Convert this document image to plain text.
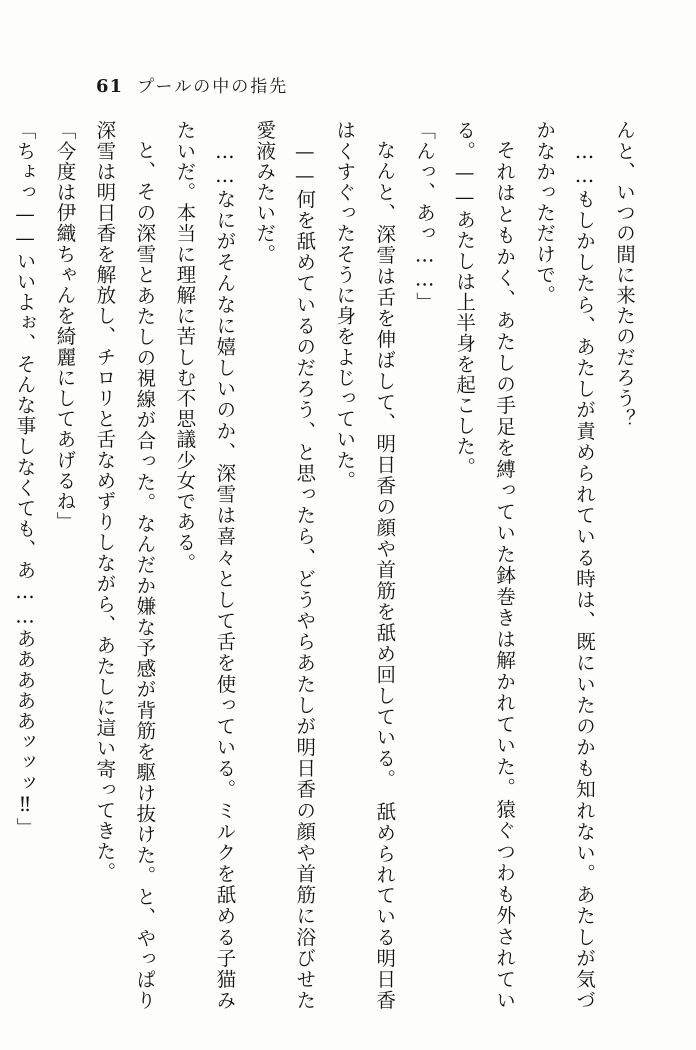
61 プールの中の指先

んと、いつの間に来たのだろう？

……もしかしたら、あたしが責められている時は、既にいたのかも知れない。あたしが気づかなかっただけで。

それはともかく、あたしの手足を縛っていた鉢巻きは解かれていた。猿ぐつわも外されている。——あたしは上半身を起こした。

「んっ、あっ……」

なんと、深雪は舌を伸ばして、明日香の顔や首筋を舐め回している。　舐められている明日香はくすぐったそうに身をよじっていた。

——何を舐めているのだろう、と思ったら、どうやらあたしが明日香の顔や首筋に浴びせた愛液みたいだ。

……なにがそんなに嬉しいのか、深雪は喜々として舌を使っている。ミルクを舐める子猫みたいだ。本当に理解に苦しむ不思議少女である。

と、その深雪とあたしの視線が合った。なんだか嫌な予感が背筋を駆け抜けた。と、やっぱり深雪は明日香を解放し、チロリと舌なめずりしながら、あたしに這い寄ってきた。

「今度は伊織ちゃんを綺麗にしてあげるね」

「ちょっ——いいよぉ、そんな事しなくても、あ……あああああッッッ‼」
